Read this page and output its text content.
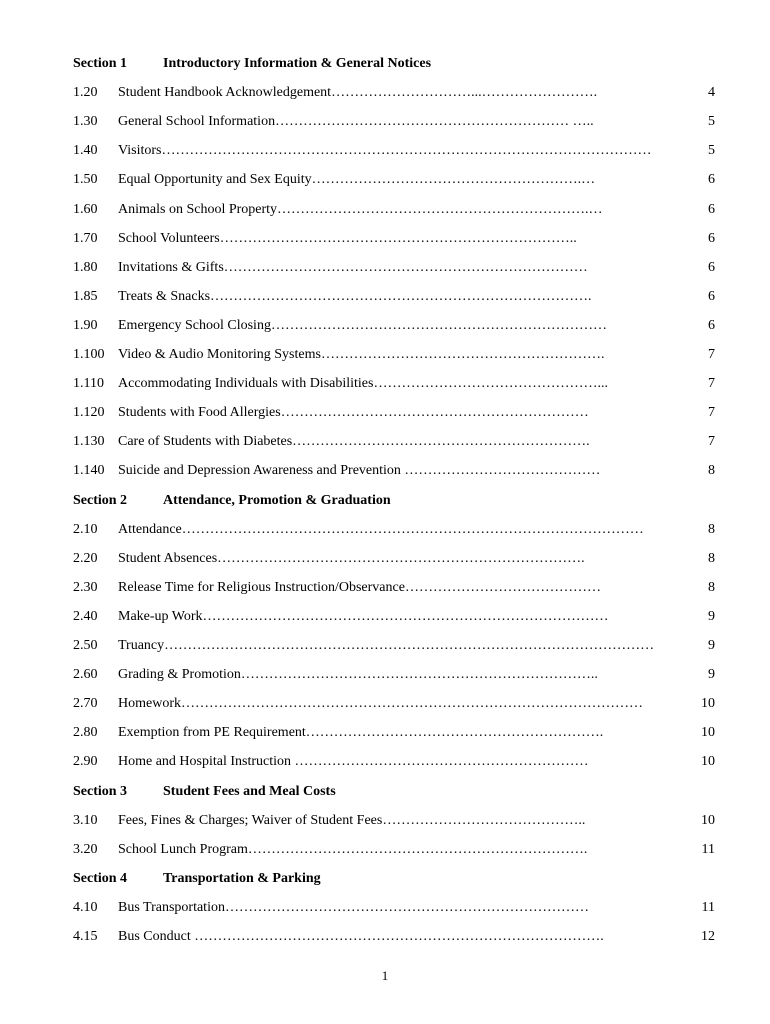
Section 1	Introductory Information & General Notices
1.20 Student Handbook Acknowledgement…………………………...…………………….	4
1.30 General School Information……………………………………………………… …..	5
1.40 Visitors……………………………………………………………………………………………	5
1.50 Equal Opportunity and Sex Equity………………………………………………….…	6
1.60 Animals on School Property………………………………………………………….…	6
1.70 School Volunteers…………………………………………………………………..	6
1.80 Invitations & Gifts……………………………………………………………………	6
1.85 Treats & Snacks……………………………………………………………………….	6
1.90 Emergency School Closing………………………………………………………………	6
1.100 Video & Audio Monitoring Systems…………………………………………………….	7
1.110 Accommodating Individuals with Disabilities…………………………………………...	7
1.120 Students with Food Allergies…………………………………………………………	7
1.130 Care of Students with Diabetes……………………………………………………….	7
1.140 Suicide and Depression Awareness and Prevention ……………………………………	8
Section 2	Attendance, Promotion & Graduation
2.10 Attendance………………………………………………………………………………………	8
2.20 Student Absences…………………………………………………………………….	8
2.30 Release Time for Religious Instruction/Observance……………………………………	8
2.40 Make-up Work……………………………………………………………………………	9
2.50 Truancy……………………………………………………………………………………………	9
2.60 Grading & Promotion…………………………………………………………………..	9
2.70 Homework………………………………………………………………………………………	10
2.80 Exemption from PE Requirement……………………………………………………….	10
2.90 Home and Hospital Instruction ………………………………………………………	10
Section 3	Student Fees and Meal Costs
3.10 Fees, Fines & Charges; Waiver of Student Fees……………………………………..	10
3.20 School Lunch Program……………………………………………………………….	11
Section 4	Transportation & Parking
4.10 Bus Transportation……………………………………………………………………	11
4.15 Bus Conduct …………………………………………………………………………….	12
1
